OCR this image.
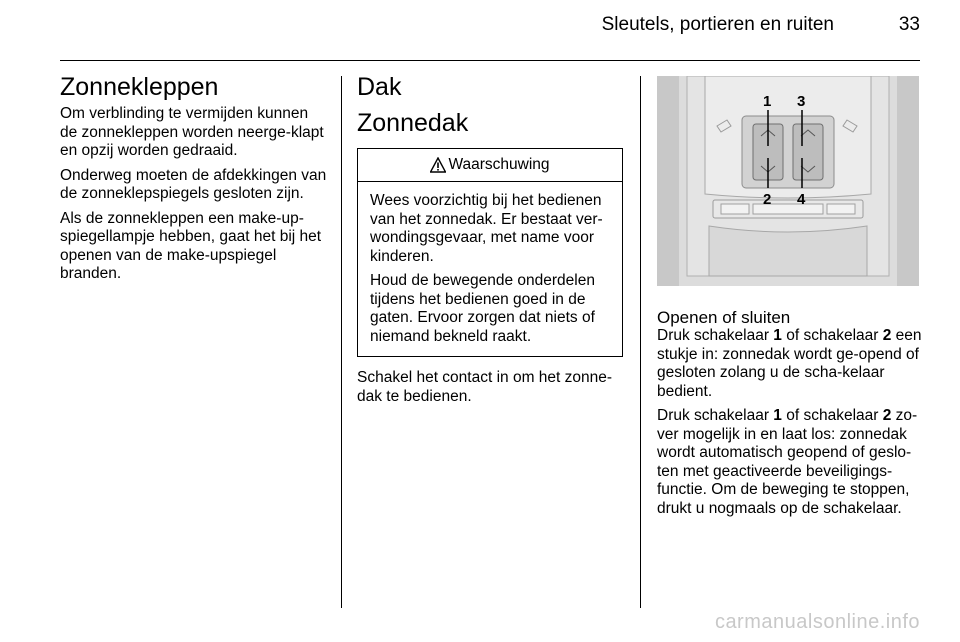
Sleutels, portieren en ruiten	33
Zonnekleppen

Om verblinding te vermijden kunnen de zonnekleppen worden neerge-klapt en opzij worden gedraaid.

Onderweg moeten de afdekkingen van de zonneklepspiegels gesloten zijn.

Als de zonnekleppen een make-up-spiegellampje hebben, gaat het bij het openen van de make-upspiegel branden.

Dak
Zonnedak
Waarschuwing

Wees voorzichtig bij het bedienen van het zonnedak. Er bestaat ver-wondingsgevaar, met name voor kinderen.

Houd de bewegende onderdelen tijdens het bedienen goed in de gaten. Ervoor zorgen dat niets of niemand bekneld raakt.

Schakel het contact in om het zonne-dak te bedienen.

1 3
2 4
Openen of sluiten

Druk schakelaar 1 of schakelaar 2 een stukje in: zonnedak wordt ge-opend of gesloten zolang u de scha-kelaar bedient.

Druk schakelaar 1 of schakelaar 2 zo-ver mogelijk in en laat los: zonnedak wordt automatisch geopend of geslo-ten met geactiveerde beveiligings-functie. Om de beweging te stoppen, drukt u nogmaals op de schakelaar.

carmanualsonline.info
